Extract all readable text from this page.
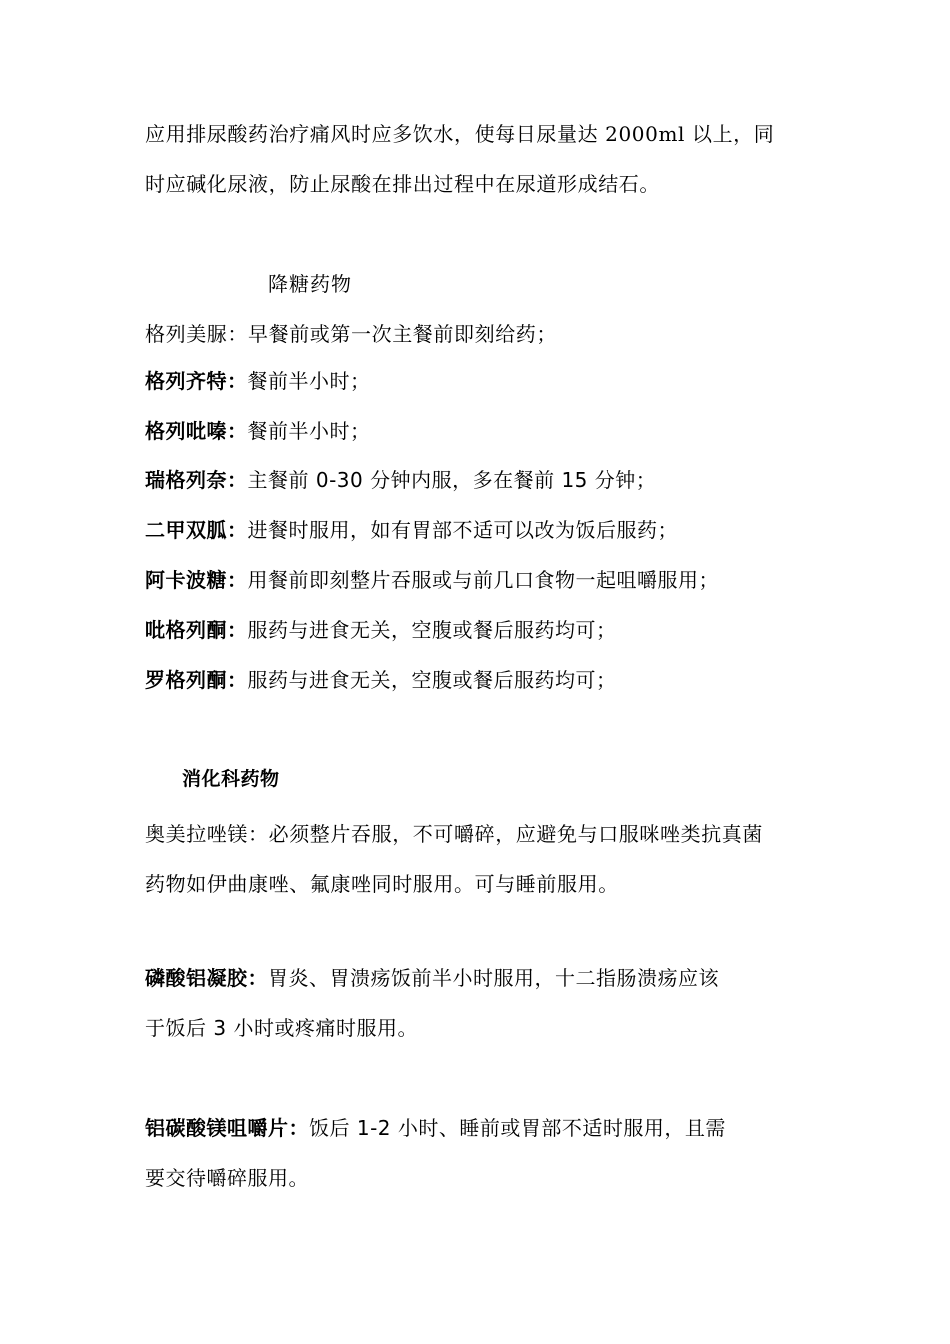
应用排尿酸药治疗痛风时应多饮水，使每日尿量达 2000ml 以上，同
时应碱化尿液，防止尿酸在排出过程中在尿道形成结石。
降糖药物
格列美脲：早餐前或第一次主餐前即刻给药；
格列齐特：餐前半小时；
格列吡嗪：餐前半小时；
瑞格列奈：主餐前 0-30 分钟内服，多在餐前 15 分钟；
二甲双胍：进餐时服用，如有胃部不适可以改为饭后服药；
阿卡波糖：用餐前即刻整片吞服或与前几口食物一起咀嚼服用；
吡格列酮：服药与进食无关，空腹或餐后服药均可；
罗格列酮：服药与进食无关，空腹或餐后服药均可；
消化科药物
奥美拉唑镁：必须整片吞服，不可嚼碎，应避免与口服咪唑类抗真菌
药物如伊曲康唑、氟康唑同时服用。可与睡前服用。
磷酸铝凝胶：胃炎、胃溃疡饭前半小时服用，十二指肠溃疡应该
于饭后 3 小时或疼痛时服用。
铝碳酸镁咀嚼片：饭后 1-2 小时、睡前或胃部不适时服用，且需
要交待嚼碎服用。
